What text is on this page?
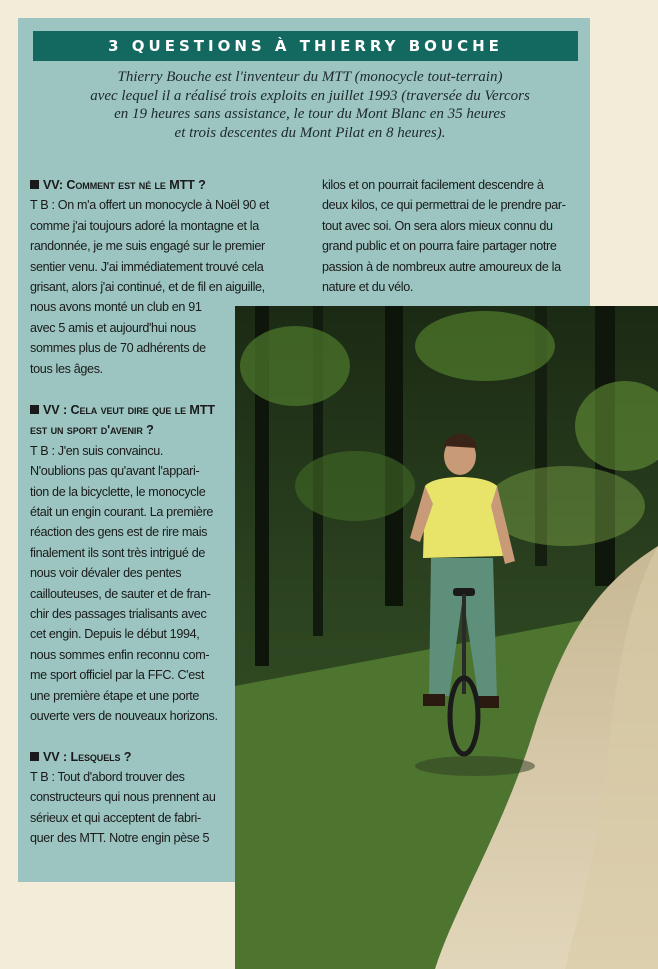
3 QUESTIONS À THIERRY BOUCHE
Thierry Bouche est l'inventeur du MTT (monocycle tout-terrain)
avec lequel il a réalisé trois exploits en juillet 1993 (traversée du Vercors
en 19 heures sans assistance, le tour du Mont Blanc en 35 heures
et trois descentes du Mont Pilat en 8 heures).
VV: Comment est né le MTT ?
T B : On m'a offert un monocycle à Noël 90 et
comme j'ai toujours adoré la montagne et la
randonnée, je me suis engagé sur le premier
sentier venu. J'ai immédiatement trouvé cela
grisant, alors j'ai continué, et de fil en aiguille,
nous avons monté un club en 91
avec 5 amis et aujourd'hui nous
sommes plus de 70 adhérents de
tous les âges.
VV : Cela veut dire que le MTT
est un sport d'avenir ?
T B : J'en suis convaincu.
N'oublions pas qu'avant l'appari-
tion de la bicyclette, le monocycle
était un engin courant. La première
réaction des gens est de rire mais
finalement ils sont très intrigué de
nous voir dévaler des pentes
caillouteuses, de sauter et de fran-
chir des passages trialisants avec
cet engin. Depuis le début 1994,
nous sommes enfin reconnu com-
me sport officiel par la FFC. C'est
une première étape et une porte
ouverte vers de nouveaux horizons.
VV : Lesquels ?
T B : Tout d'abord trouver des
constructeurs qui nous prennent au
sérieux et qui acceptent de fabri-
quer des MTT. Notre engin pèse 5
kilos et on pourrait facilement descendre à
deux kilos, ce qui permettrai de le prendre par-
tout avec soi. On sera alors mieux connu du
grand public et on pourra faire partager notre
passion à de nombreux autre amoureux de la
nature et du vélo.
